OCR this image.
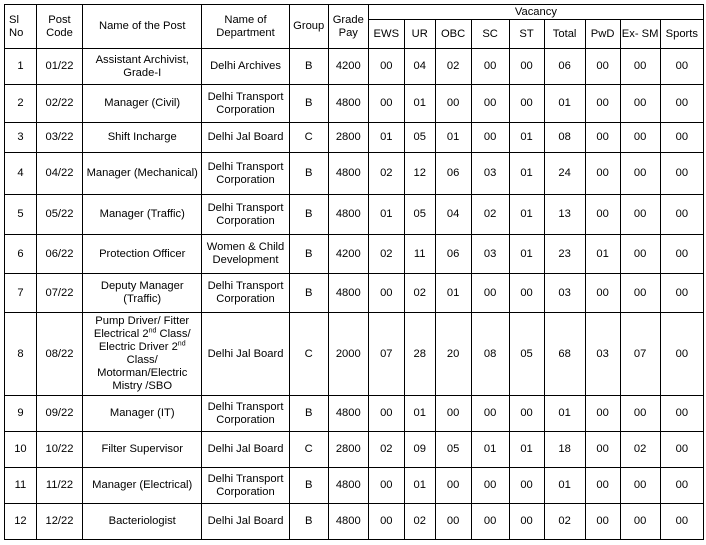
Sl No	Post Code	Name of the Post	Name of Department	Group	Grade Pay	Vacancy								
						EWS	UR	OBC	SC	ST	Total	PwD	Ex- SM	Sports
1	01/22	Assistant Archivist, Grade-I	Delhi Archives	B	4200	00	04	02	00	00	06	00	00	00
2	02/22	Manager (Civil)	Delhi Transport Corporation	B	4800	00	01	00	00	00	01	00	00	00
3	03/22	Shift Incharge	Delhi Jal Board	C	2800	01	05	01	00	01	08	00	00	00
4	04/22	Manager (Mechanical)	Delhi Transport Corporation	B	4800	02	12	06	03	01	24	00	00	00
5	05/22	Manager (Traffic)	Delhi Transport Corporation	B	4800	01	05	04	02	01	13	00	00	00
6	06/22	Protection Officer	Women & Child Development	B	4200	02	11	06	03	01	23	01	00	00
7	07/22	Deputy Manager (Traffic)	Delhi Transport Corporation	B	4800	00	02	01	00	00	03	00	00	00
8	08/22	Pump Driver/ Fitter Electrical 2nd Class/ Electric Driver 2nd Class/ Motorman/Electric Mistry /SBO	Delhi Jal Board	C	2000	07	28	20	08	05	68	03	07	00
9	09/22	Manager (IT)	Delhi Transport Corporation	B	4800	00	01	00	00	00	01	00	00	00
10	10/22	Filter Supervisor	Delhi Jal Board	C	2800	02	09	05	01	01	18	00	02	00
11	11/22	Manager (Electrical)	Delhi Transport Corporation	B	4800	00	01	00	00	00	01	00	00	00
12	12/22	Bacteriologist	Delhi Jal Board	B	4800	00	02	00	00	00	02	00	00	00
